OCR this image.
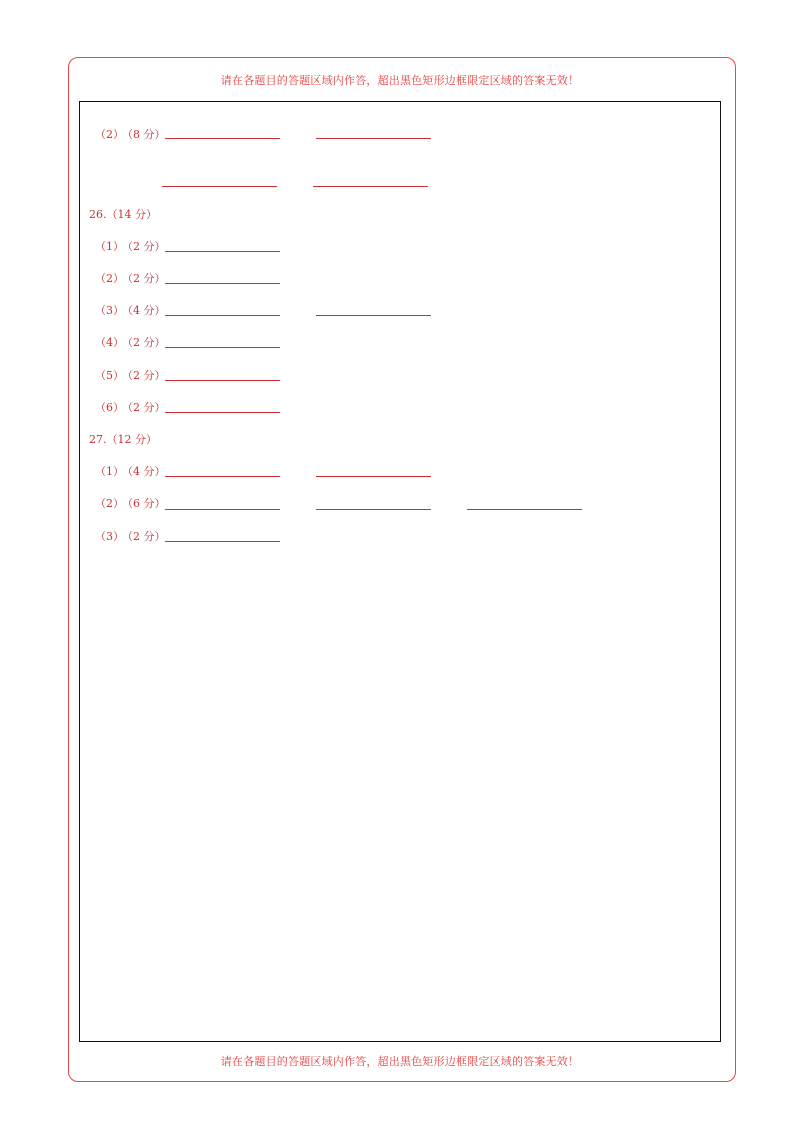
请在各题目的答题区域内作答，超出黑色矩形边框限定区域的答案无效！
（2）
（8 分）
26.（14 分）
（1）
（2 分）
（2）
（2 分）
（3）
（4 分）
（4）
（2 分）
（5）
（2 分）
（6）
（2 分）
27.（12 分）
（1）
（4 分）
（2）
（6 分）
（3）
（2 分）
请在各题目的答题区域内作答，超出黑色矩形边框限定区域的答案无效！
